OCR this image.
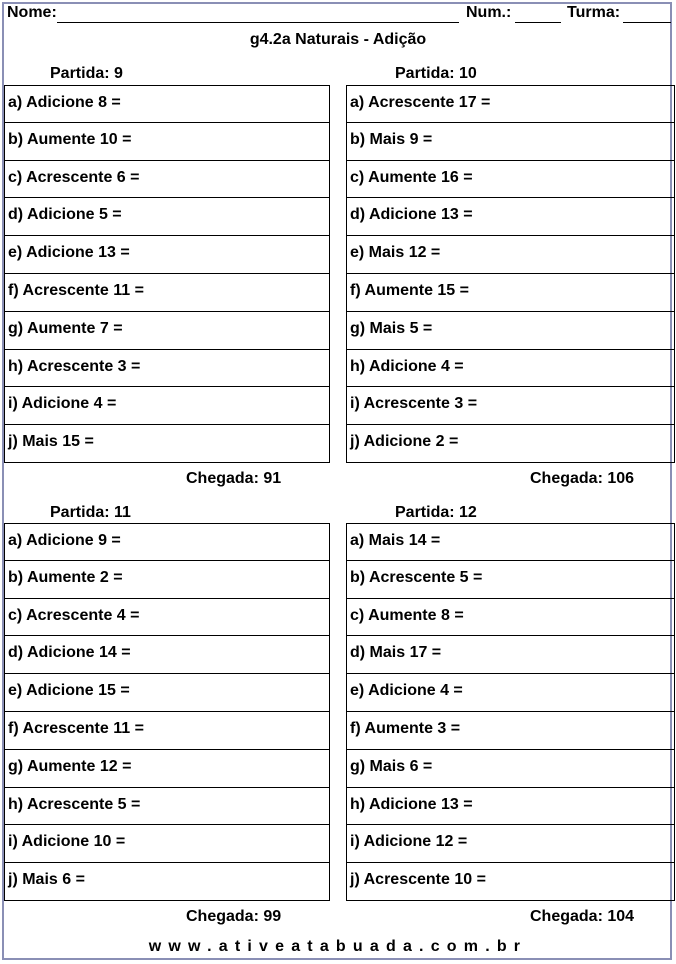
Nome:	Num.:	Turma:
g4.2a Naturais - Adição
Partida: 9
a) Adicione 8 =
b) Aumente 10 =
c) Acrescente 6 =
d) Adicione 5 =
e) Adicione 13 =
f) Acrescente 11 =
g) Aumente 7 =
h) Acrescente 3 =
i) Adicione 4 =
j) Mais 15 =
Chegada: 91
Partida: 10
a) Acrescente 17 =
b) Mais 9 =
c) Aumente 16 =
d) Adicione 13 =
e) Mais 12 =
f) Aumente 15 =
g) Mais 5 =
h) Adicione 4 =
i) Acrescente 3 =
j) Adicione 2 =
Chegada: 106
Partida: 11
a) Adicione 9 =
b) Aumente 2 =
c) Acrescente 4 =
d) Adicione 14 =
e) Adicione 15 =
f) Acrescente 11 =
g) Aumente 12 =
h) Acrescente 5 =
i) Adicione 10 =
j) Mais 6 =
Chegada: 99
Partida: 12
a) Mais 14 =
b) Acrescente 5 =
c) Aumente 8 =
d) Mais 17 =
e) Adicione 4 =
f) Aumente 3 =
g) Mais 6 =
h) Adicione 13 =
i) Adicione 12 =
j) Acrescente 10 =
Chegada: 104
www.ativeatabuada.com.br
